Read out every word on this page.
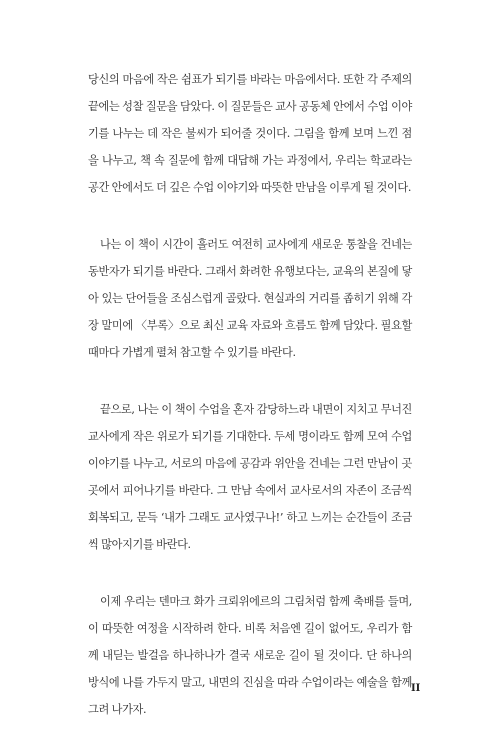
당신의 마음에 작은 쉼표가 되기를 바라는 마음에서다. 또한 각 주제의 끝에는 성찰 질문을 담았다. 이 질문들은 교사 공동체 안에서 수업 이야기를 나누는 데 작은 불씨가 되어줄 것이다. 그림을 함께 보며 느낀 점을 나누고, 책 속 질문에 함께 대답해 가는 과정에서, 우리는 학교라는 공간 안에서도 더 깊은 수업 이야기와 따뜻한 만남을 이루게 될 것이다.

나는 이 책이 시간이 흘러도 여전히 교사에게 새로운 통찰을 건네는 동반자가 되기를 바란다. 그래서 화려한 유행보다는, 교육의 본질에 닿아 있는 단어들을 조심스럽게 골랐다. 현실과의 거리를 좁히기 위해 각 장 말미에 〈부록〉으로 최신 교육 자료와 흐름도 함께 담았다. 필요할 때마다 가볍게 펼쳐 참고할 수 있기를 바란다.

끝으로, 나는 이 책이 수업을 혼자 감당하느라 내면이 지치고 무너진 교사에게 작은 위로가 되기를 기대한다. 두세 명이라도 함께 모여 수업 이야기를 나누고, 서로의 마음에 공감과 위안을 건네는 그런 만남이 곳곳에서 피어나기를 바란다. 그 만남 속에서 교사로서의 자존이 조금씩 회복되고, 문득 ‘내가 그래도 교사였구나!’ 하고 느끼는 순간들이 조금씩 많아지기를 바란다.

이제 우리는 덴마크 화가 크뢰위에르의 그림처럼 함께 축배를 들며, 이 따뜻한 여정을 시작하려 한다. 비록 처음엔 길이 없어도, 우리가 함께 내딛는 발걸음 하나하나가 결국 새로운 길이 될 것이다. 단 하나의 방식에 나를 가두지 말고, 내면의 진심을 따라 수업이라는 예술을 함께 그려 나가자.

II
